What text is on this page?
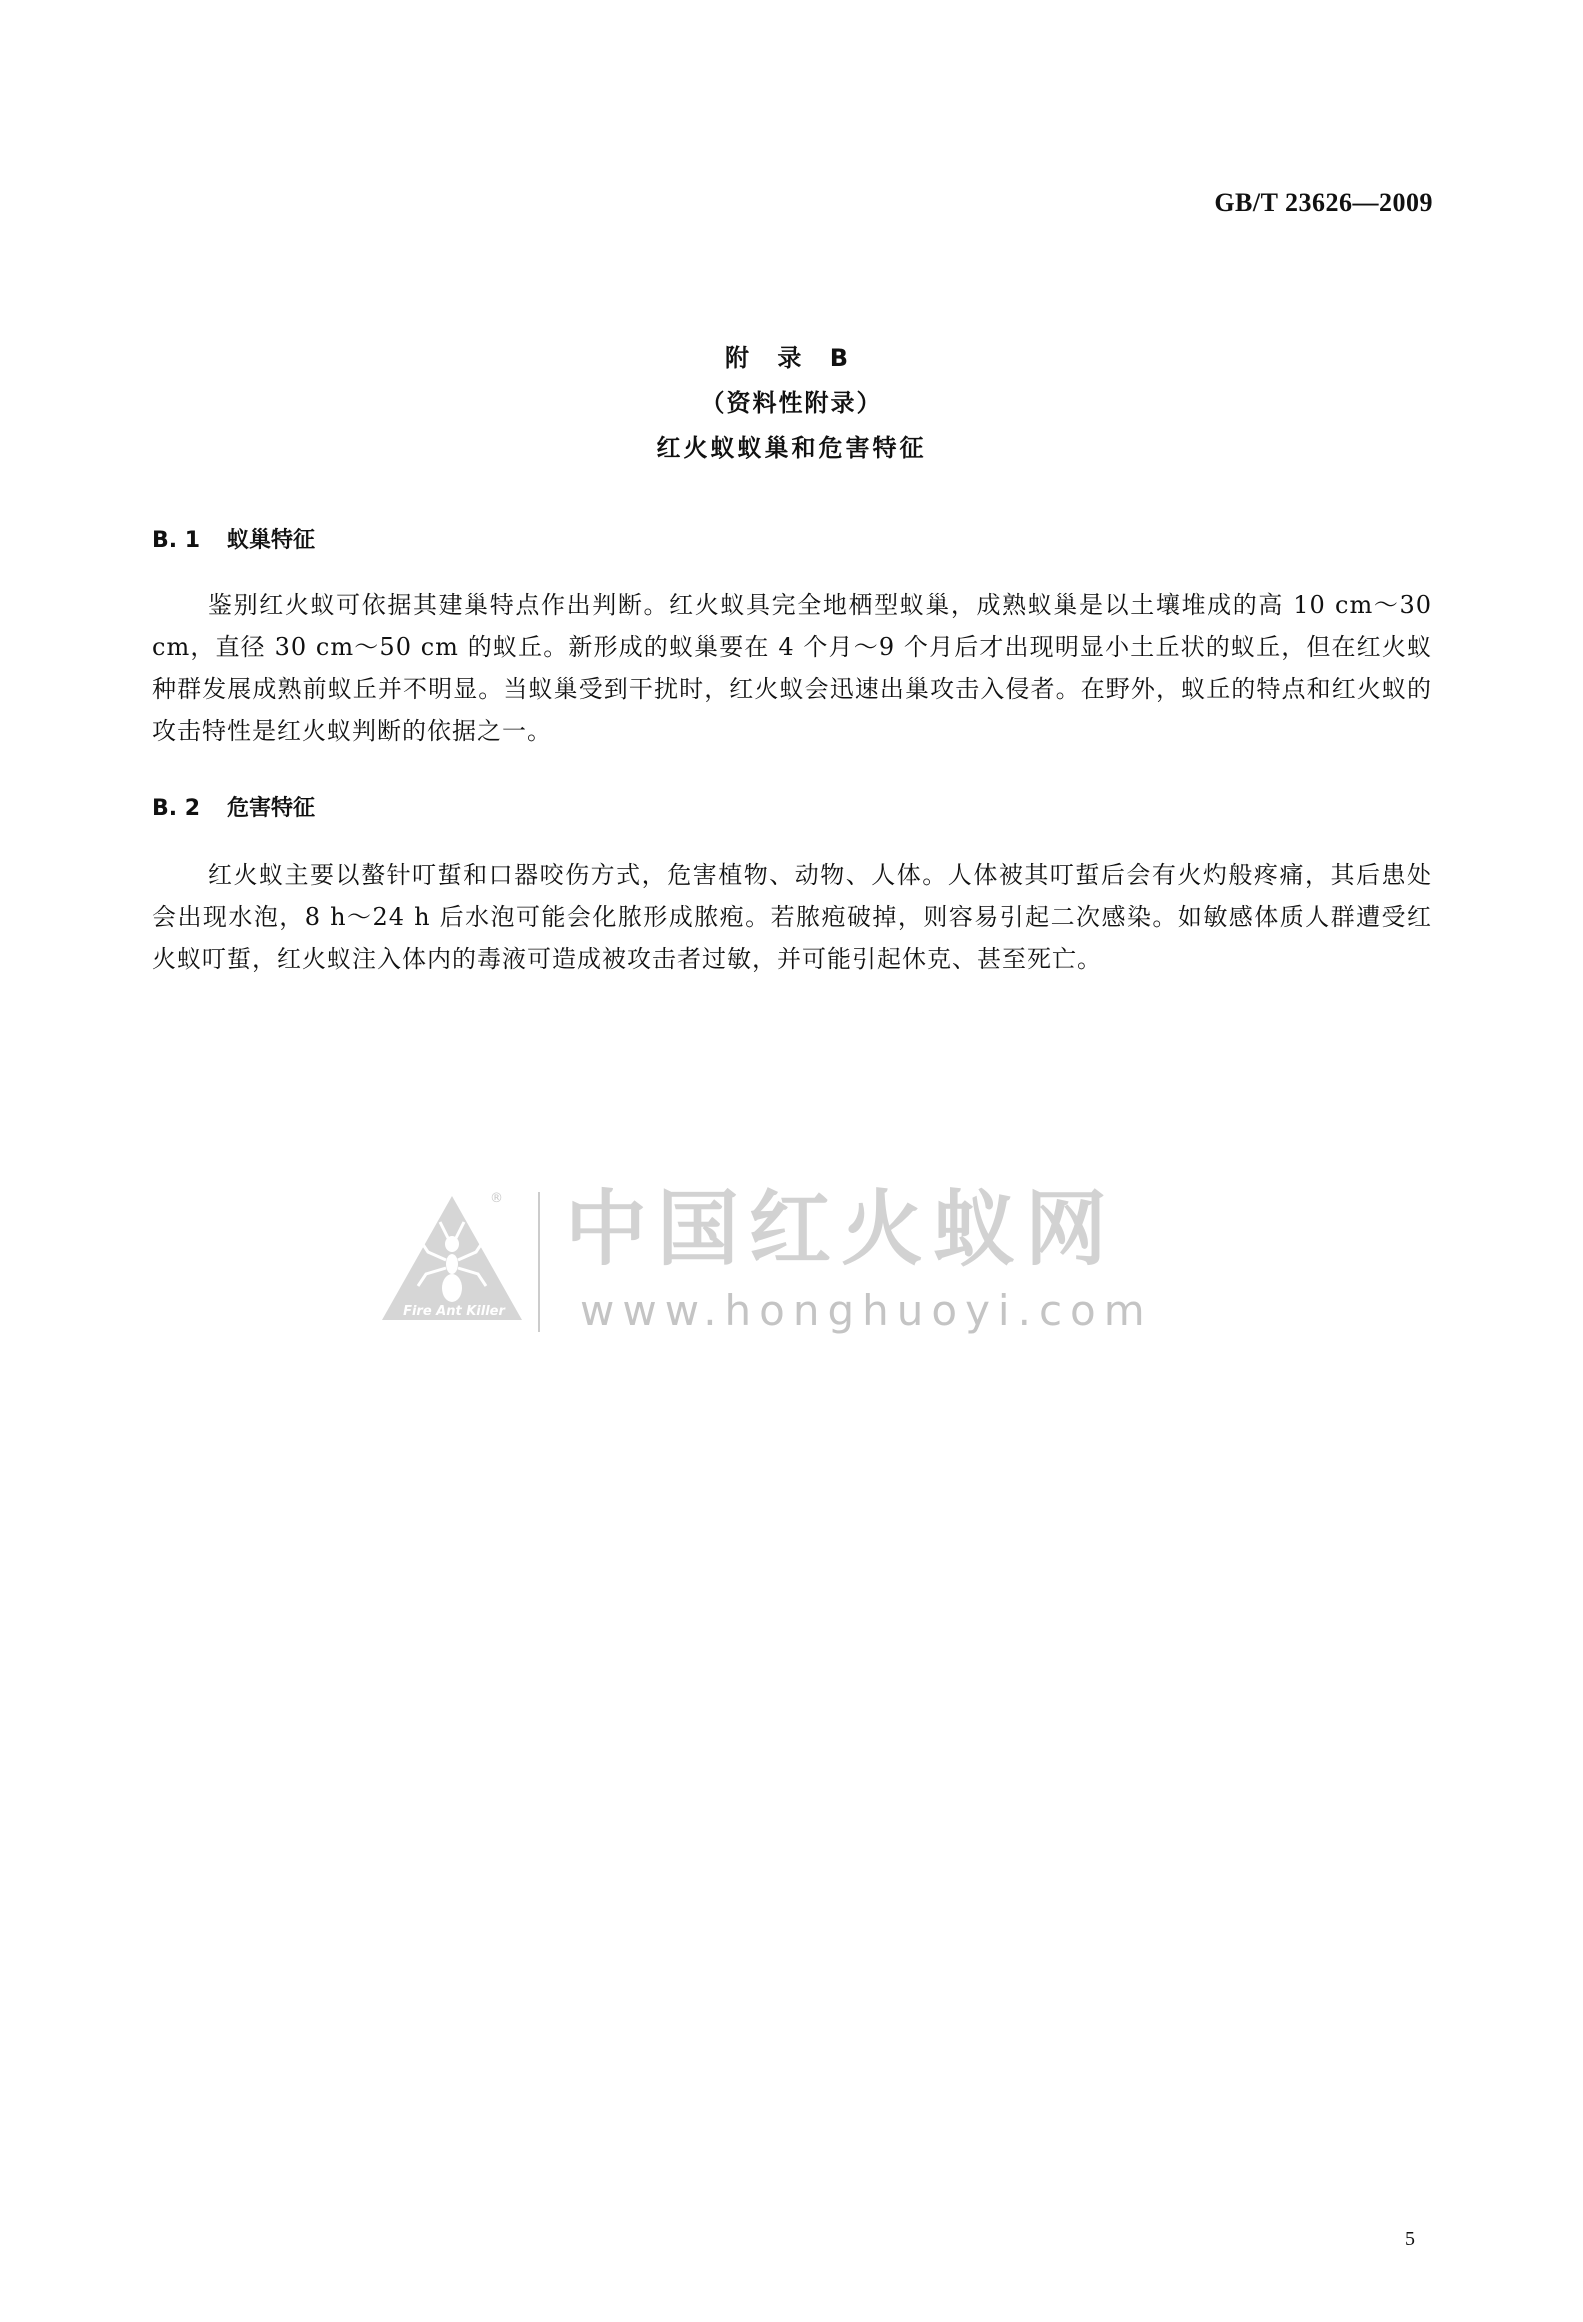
GB/T 23626—2009
附 录 B
（资料性附录）
红火蚁蚁巢和危害特征
B. 1 蚁巢特征
鉴别红火蚁可依据其建巢特点作出判断。红火蚁具完全地栖型蚁巢，成熟蚁巢是以土壤堆成的高 10 cm～30 cm，直径 30 cm～50 cm 的蚁丘。新形成的蚁巢要在 4 个月～9 个月后才出现明显小土丘状的蚁丘，但在红火蚁种群发展成熟前蚁丘并不明显。当蚁巢受到干扰时，红火蚁会迅速出巢攻击入侵者。在野外，蚁丘的特点和红火蚁的攻击特性是红火蚁判断的依据之一。
B. 2 危害特征
红火蚁主要以螯针叮蜇和口器咬伤方式，危害植物、动物、人体。人体被其叮蜇后会有火灼般疼痛，其后患处会出现水泡，8 h～24 h 后水泡可能会化脓形成脓疱。若脓疱破掉，则容易引起二次感染。如敏感体质人群遭受红火蚁叮蜇，红火蚁注入体内的毒液可造成被攻击者过敏，并可能引起休克、甚至死亡。
Fire Ant Killer
® 中国红火蚁网
www.honghuoyi.com
5
